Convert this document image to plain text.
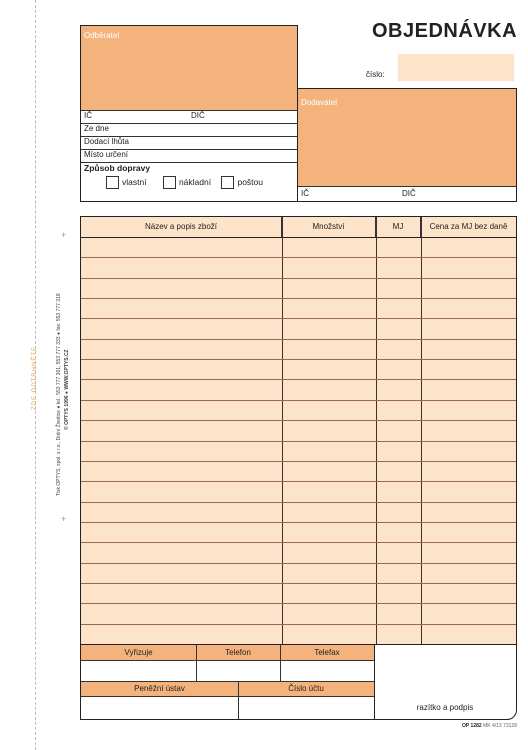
+
+
ZDE ODTRHNĚTE	Tisk OPTYS, spol. s r.o., Dolní Životice ● tel.: 553 777 361, 553 777 333 ● fax: 553 777 318 © OPTYS 1996 ● WWW.OPTYS.CZ
OBJEDNÁVKA
číslo:
Odběratel
IČ	DIČ
Ze dne
Dodací lhůta
Místo určení
Způsob dopravy
vlastní	nákladní	poštou
Dodavatel
IČ	DIČ
Název a popis zboží	Množství	MJ	Cena za MJ bez daně
Vyřizuje	Telefon	Telefax
Peněžní ústav	Číslo účtu
razítko a podpis
OP 1282 MK 4/13 73128
